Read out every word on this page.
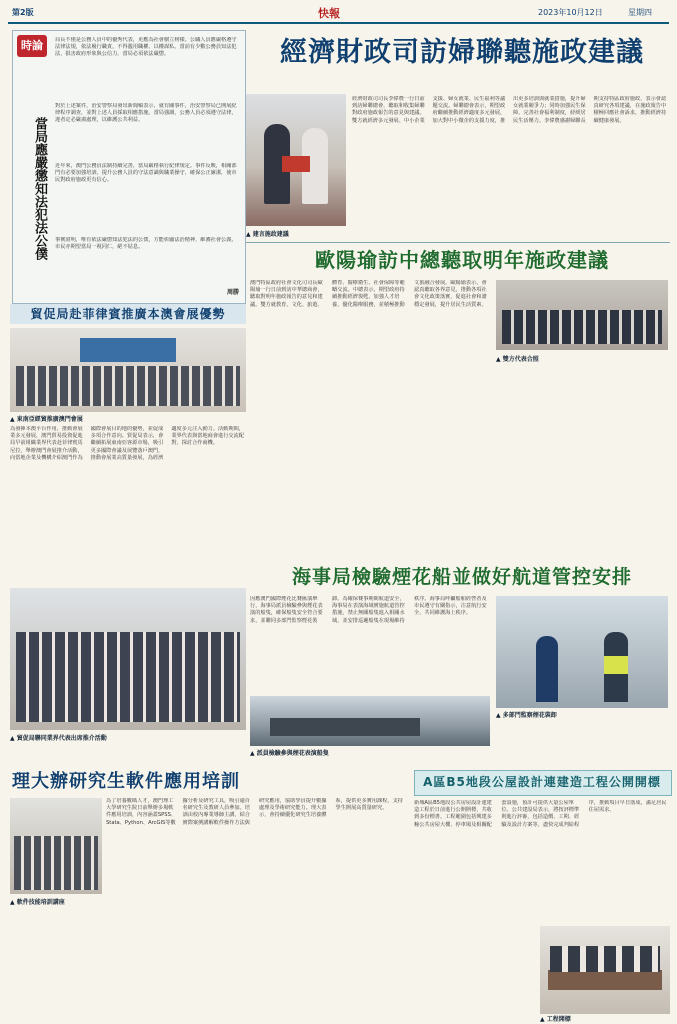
第2版	快報	2023年10月12日	星期四
時論
當局應嚴懲知法犯法公僕
局長不僅是公務人員中的優秀代表，更應為社會樹立榜樣。公職人員應嚴格遵守法律法規，依法履行職責，不得濫用職權、以權謀私。當前有少數公務員知法犯法，損害政府形象與公信力，當局必須依法嚴懲。
對於上述案件，治安警察局發出新聞稿表示，就有關事件，治安警察局已開展紀律程序調查，並對上述人員採取相應措施。當局強調，公務人員必須遵守法律，違者定必嚴肅處理，以維護公共利益。
近年來，澳門公務員法制持續完善，當局嚴格執行紀律規定。事件反映，相關部門有必要加強培訓，提升公務人員的守法意識與職業操守，確保公正廉潔，使市民對政府施政更有信心。
事實證明，唯有依法嚴懲知法犯法的公僕，方能彰顯法治精神，維護社會公義，市民亦期望當局一視同仁，絕不姑息。
周勝
經濟財政司訪婦聯聽施政建議
▲ 建言施政建議
經濟財政司司長李偉農一行日前到訪婦聯總會，聽取和收集婦聯對政府施政報告的意見與建議。雙方就經濟多元發展、中小企業支援、婦女就業、民生福利等議題交流。婦聯總會表示，期望政府繼續推動經濟適度多元發展，加大對中小微企的支援力度，推出更多培訓與就業措施，提升婦女就業競爭力；同時加強民生保障，完善社會福利制度，紓緩居民生活壓力。李偉農感謝婦聯長期支持特區政府施政，表示會認真研究各項建議，在施政報告中積極回應社會訴求，推動經濟持續健康發展。
歐陽瑜訪中總聽取明年施政建議
澳門特區政府社會文化司司長歐陽瑜一行日前到訪中華總商會，聽取對明年施政報告的意見和建議。雙方就教育、文化、旅遊、體育、醫療衛生、社會保障等範疇交流。中總表示，期望政府持續推動經濟復甦，加強人才培養，優化醫療服務，並積極推動文旅融合發展。歐陽瑜表示，會認真聽取各界意見，推動各項社會文化政策落實，促進社會和諧穩定發展，提升居民生活質素。
▲ 雙方代表合照
貿促局赴菲律賓推廣本澳會展優勢
▲ 東南亞經貿推廣澳門會展
為發揮本澳平台作用，推動會展業多元發展，澳門貿易投資促進局早前組織業界代表赴菲律賓馬尼拉，舉辦澳門會展推介活動，向當地企業及機構介紹澳門作為國際會展目的地的優勢，並促成多項合作意向。貿促局表示，會繼續拓展東南亞客源市場，吸引更多國際會議及展覽落戶澳門，推動會展業高質量發展，為經濟適度多元注入動力。活動期間，業界代表與當地商會進行交流配對，探討合作商機。
▲ 貿促局聯同業界代表出席推介活動
海事局檢驗煙花船並做好航道管控安排
因應澳門國際煙花比賽匯演舉行，海事局派員檢驗參與煙花表演的船隻，確保船隻安全符合要求，並聯同多部門監察煙花裝卸。為確保賽事期間航道安全，海事局在表演海域實施航道管控措施，禁止無關船隻進入相關水域，並安排巡邏船隻在現場維持秩序。海事局呼籲船舶經營者及市民遵守有關指示，注意航行安全，共同維護海上秩序。
▲ 派員檢驗參與煙花表演船隻
▲ 多部門監察煙花裝卸
理大辦研究生軟件應用培訓
▲ 軟件技能培訓講座
為了培養數碼人才，澳門理工大學研究生院日前舉辦多場軟件應用培訓，內容涵蓋SPSS、Stata、Python、ArcGIS等數據分析及研究工具，吸引逾百名研究生及教研人員參加。培訓由校內專業導師主講，結合實際案例講解軟件操作方法與研究應用，協助學員提升數據處理及學術研究能力。理大表示，會持續優化研究生培養體系，提供更多實用課程，支持學生開展高質量研究。
A區B5地段公屋設計連建造工程公開開標
新城A區B5地段公共房屋設計連建造工程於日前進行公開開標，共收到多份標書。工程範圍包括興建多幢公共房屋大樓、停車場及相關配套設施，預計可提供大量公屋單位。公共建設局表示，將按評標準則進行評審，包括造價、工期、經驗及設計方案等，盡快完成判給程序，推動項目早日落成，滿足居民住屋需求。
▲ 工程開標
